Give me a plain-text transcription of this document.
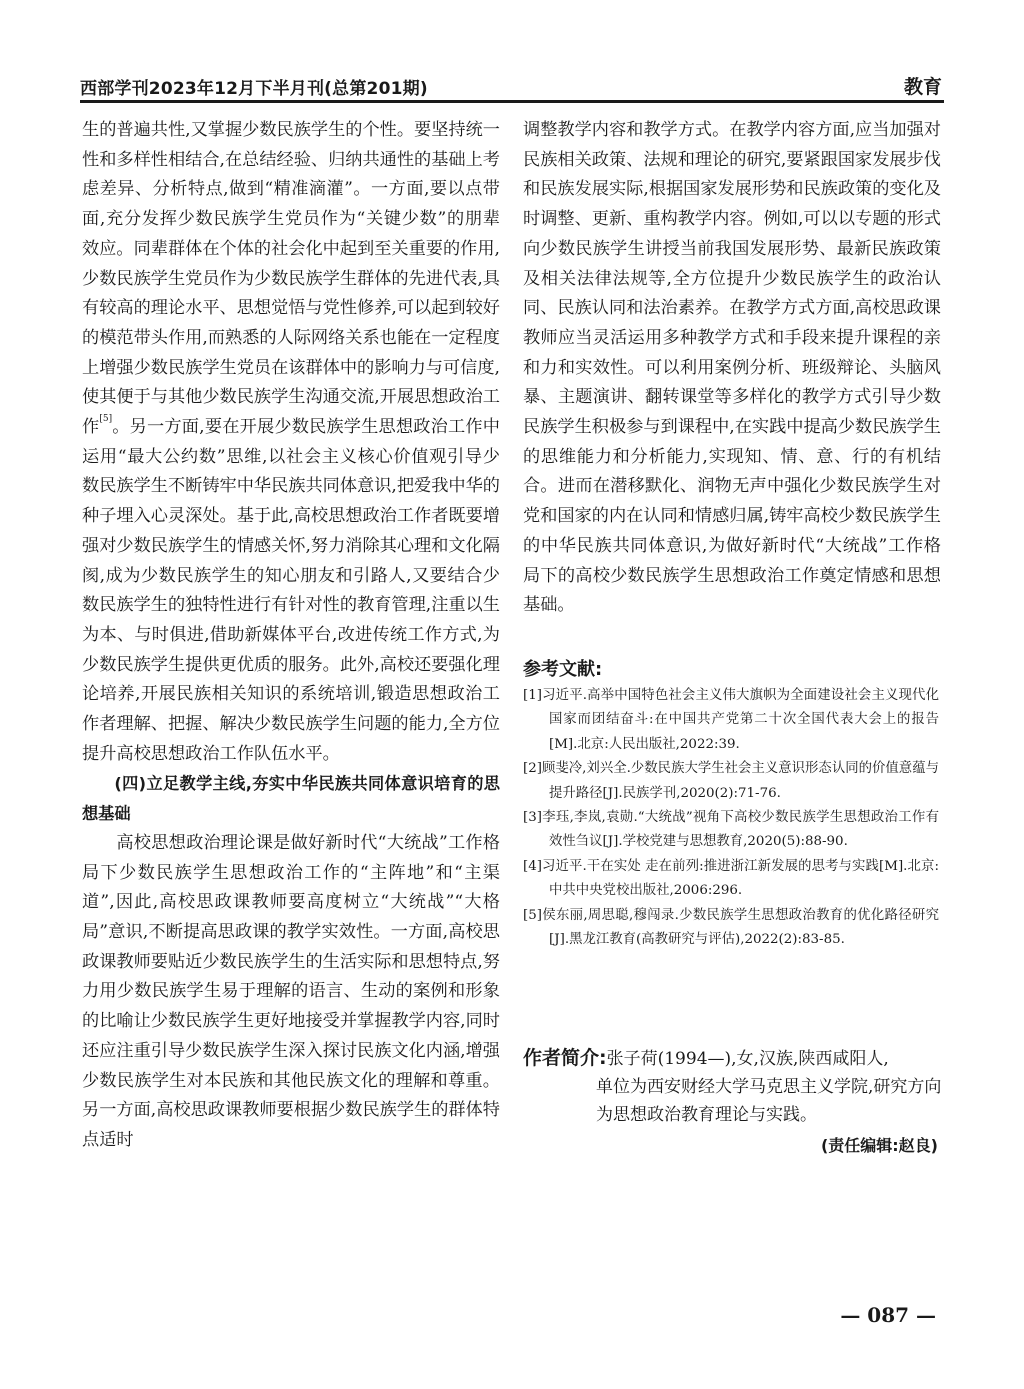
西部学刊2023年12月下半月刊(总第201期)	教育

生的普遍共性,又掌握少数民族学生的个性。要坚持统一性和多样性相结合,在总结经验、归纳共通性的基础上考虑差异、分析特点,做到“精准滴灌”。一方面,要以点带面,充分发挥少数民族学生党员作为“关键少数”的朋辈效应。同辈群体在个体的社会化中起到至关重要的作用,少数民族学生党员作为少数民族学生群体的先进代表,具有较高的理论水平、思想觉悟与党性修养,可以起到较好的模范带头作用,而熟悉的人际网络关系也能在一定程度上增强少数民族学生党员在该群体中的影响力与可信度,使其便于与其他少数民族学生沟通交流,开展思想政治工作[5]。另一方面,要在开展少数民族学生思想政治工作中运用“最大公约数”思维,以社会主义核心价值观引导少数民族学生不断铸牢中华民族共同体意识,把爱我中华的种子埋入心灵深处。基于此,高校思想政治工作者既要增强对少数民族学生的情感关怀,努力消除其心理和文化隔阂,成为少数民族学生的知心朋友和引路人,又要结合少数民族学生的独特性进行有针对性的教育管理,注重以生为本、与时俱进,借助新媒体平台,改进传统工作方式,为少数民族学生提供更优质的服务。此外,高校还要强化理论培养,开展民族相关知识的系统培训,锻造思想政治工作者理解、把握、解决少数民族学生问题的能力,全方位提升高校思想政治工作队伍水平。

(四)立足教学主线,夯实中华民族共同体意识培育的思想基础

高校思想政治理论课是做好新时代“大统战”工作格局下少数民族学生思想政治工作的“主阵地”和“主渠道”,因此,高校思政课教师要高度树立“大统战”“大格局”意识,不断提高思政课的教学实效性。一方面,高校思政课教师要贴近少数民族学生的生活实际和思想特点,努力用少数民族学生易于理解的语言、生动的案例和形象的比喻让少数民族学生更好地接受并掌握教学内容,同时还应注重引导少数民族学生深入探讨民族文化内涵,增强少数民族学生对本民族和其他民族文化的理解和尊重。另一方面,高校思政课教师要根据少数民族学生的群体特点适时

调整教学内容和教学方式。在教学内容方面,应当加强对民族相关政策、法规和理论的研究,要紧跟国家发展步伐和民族发展实际,根据国家发展形势和民族政策的变化及时调整、更新、重构教学内容。例如,可以以专题的形式向少数民族学生讲授当前我国发展形势、最新民族政策及相关法律法规等,全方位提升少数民族学生的政治认同、民族认同和法治素养。在教学方式方面,高校思政课教师应当灵活运用多种教学方式和手段来提升课程的亲和力和实效性。可以利用案例分析、班级辩论、头脑风暴、主题演讲、翻转课堂等多样化的教学方式引导少数民族学生积极参与到课程中,在实践中提高少数民族学生的思维能力和分析能力,实现知、情、意、行的有机结合。进而在潜移默化、润物无声中强化少数民族学生对党和国家的内在认同和情感归属,铸牢高校少数民族学生的中华民族共同体意识,为做好新时代“大统战”工作格局下的高校少数民族学生思想政治工作奠定情感和思想基础。

参考文献:
[1]习近平.高举中国特色社会主义伟大旗帜为全面建设社会主义现代化国家而团结奋斗:在中国共产党第二十次全国代表大会上的报告[M].北京:人民出版社,2022:39.
[2]顾斐冷,刘兴全.少数民族大学生社会主义意识形态认同的价值意蕴与提升路径[J].民族学刊,2020(2):71-76.
[3]李珏,李岚,袁勋.“大统战”视角下高校少数民族学生思想政治工作有效性刍议[J].学校党建与思想教育,2020(5):88-90.
[4]习近平.干在实处 走在前列:推进浙江新发展的思考与实践[M].北京:中共中央党校出版社,2006:296.
[5]侯东丽,周思聪,穆闯录.少数民族学生思想政治教育的优化路径研究[J].黑龙江教育(高教研究与评估),2022(2):83-85.
作者简介:张子荷(1994—),女,汉族,陕西咸阳人,
单位为西安财经大学马克思主义学院,研究方向为思想政治教育理论与实践。
(责任编辑:赵良)
— 087 —
